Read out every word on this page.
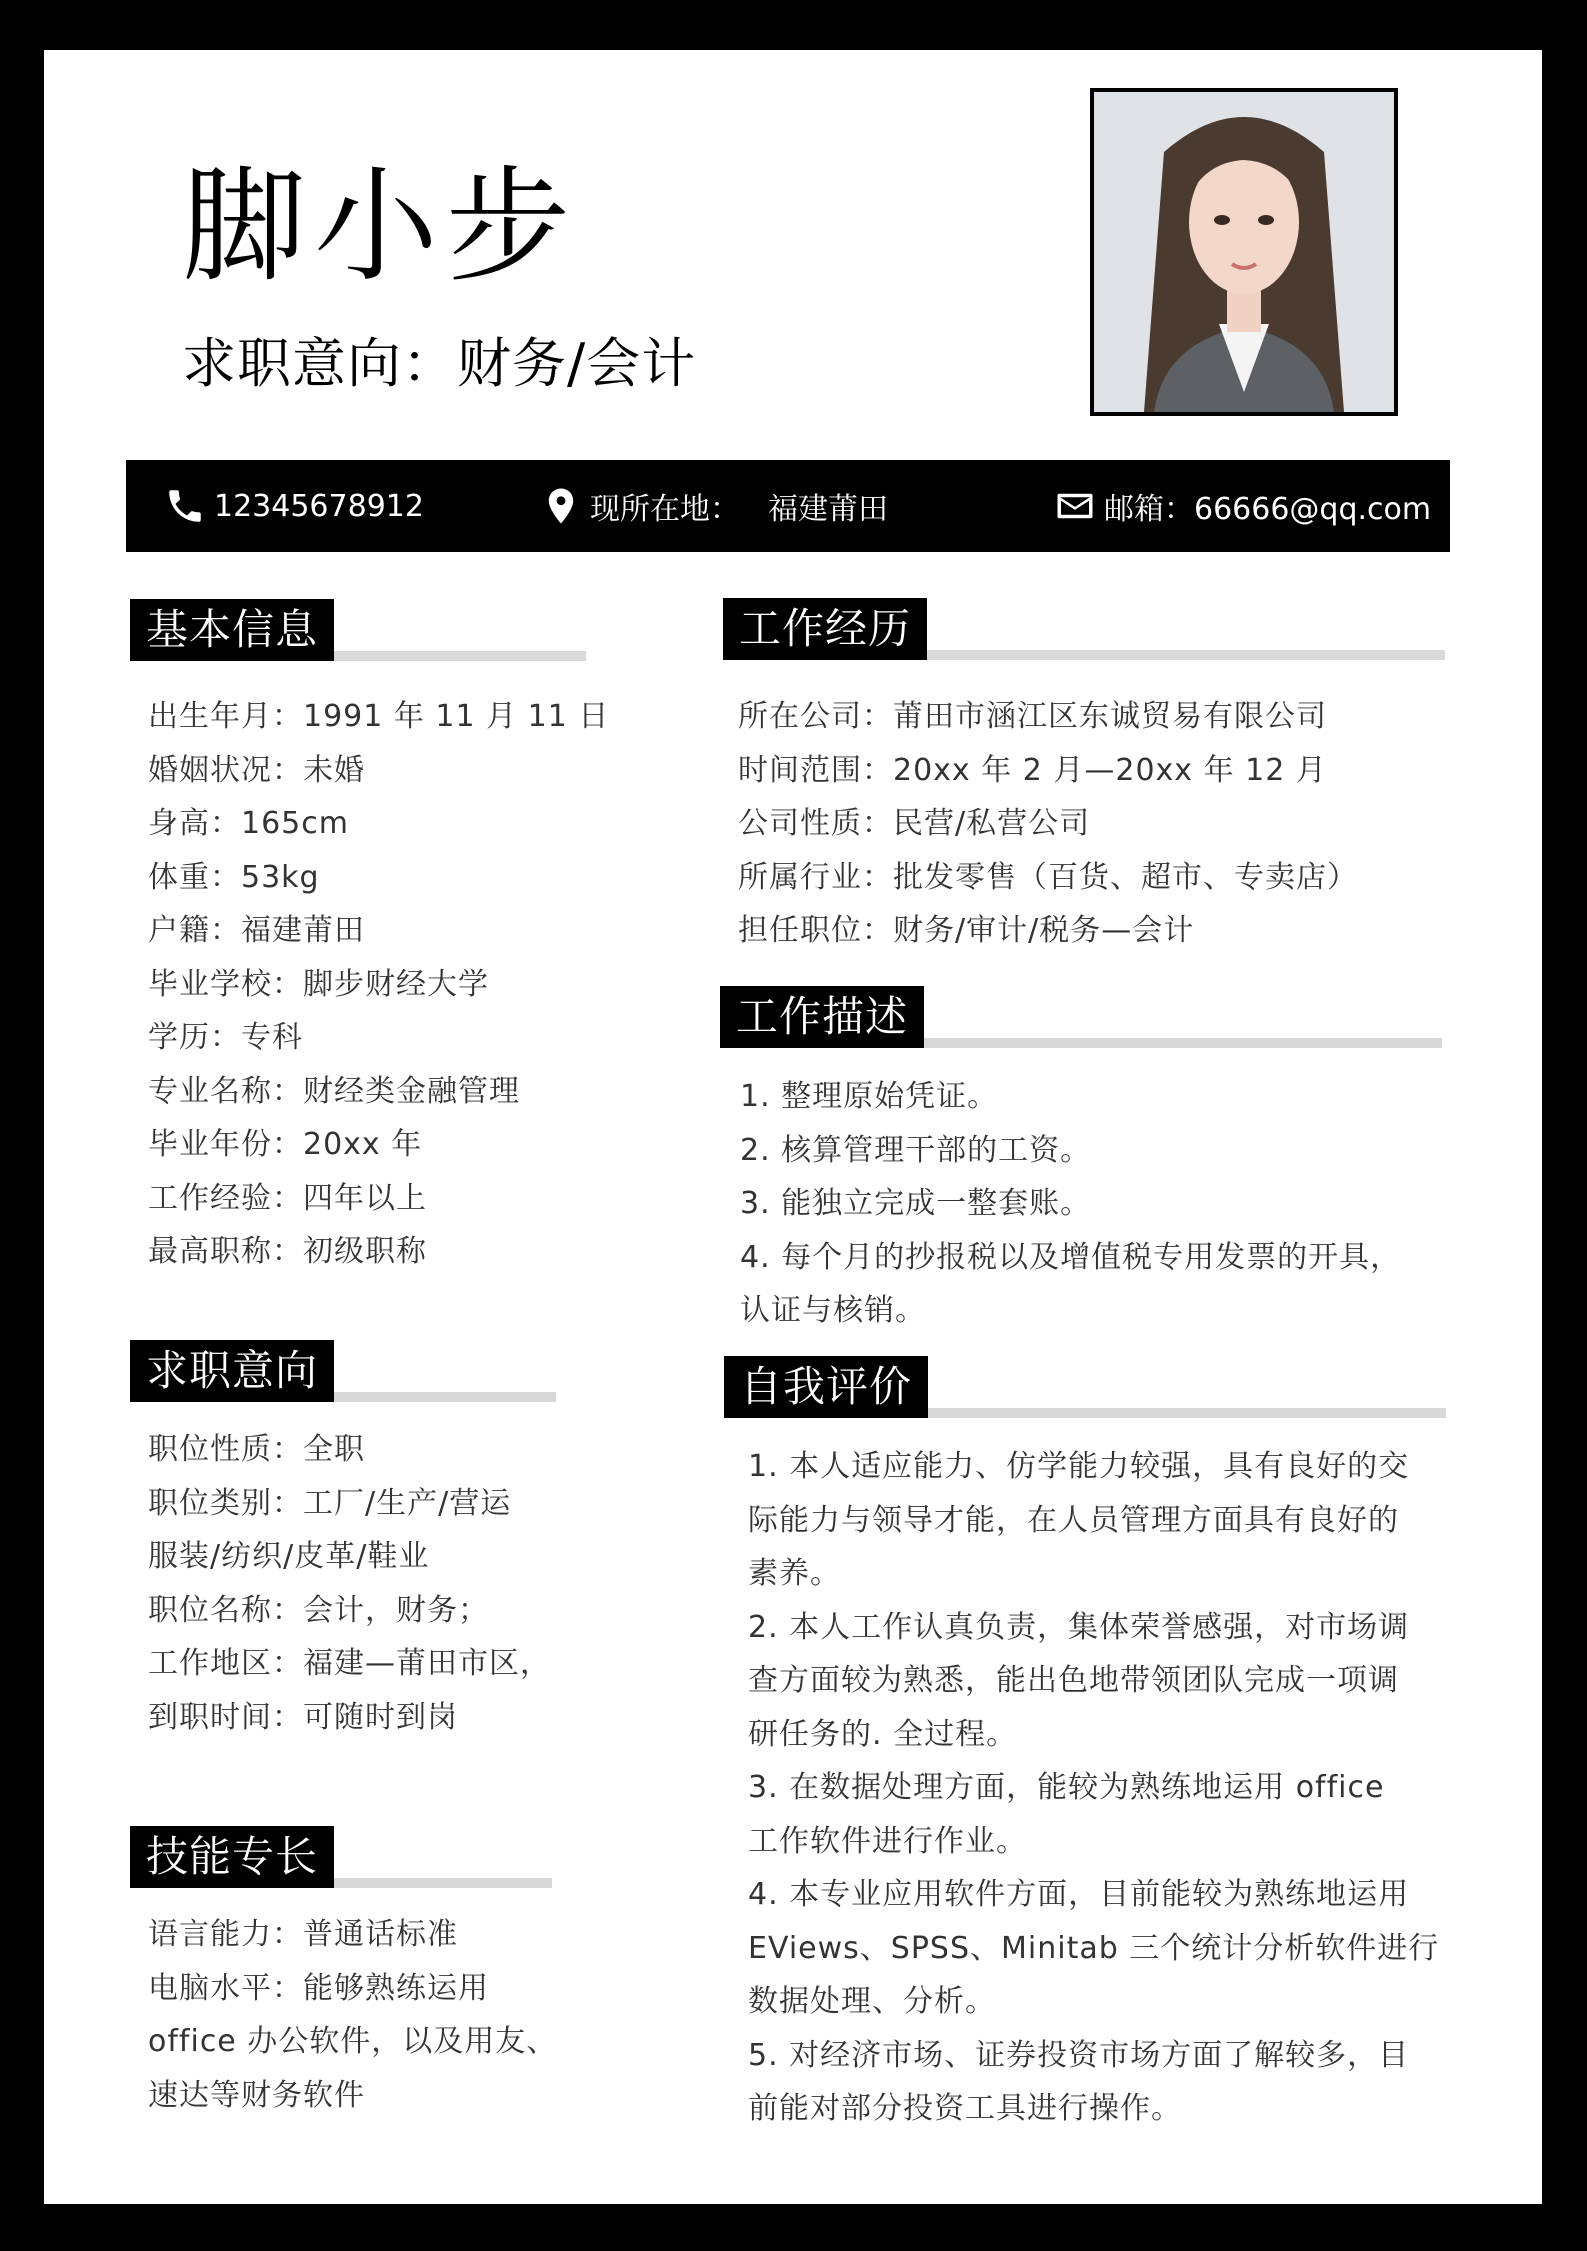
脚小步
求职意向：财务/会计
12345678912	现所在地： 福建莆田	邮箱：66666@qq.com
基本信息
出生年月：1991 年 11 月 11 日
婚姻状况：未婚
身高：165cm
体重：53kg
户籍：福建莆田
毕业学校：脚步财经大学
学历：专科
专业名称：财经类金融管理
毕业年份：20xx 年
工作经验：四年以上
最高职称：初级职称
求职意向
职位性质：全职
职位类别：工厂/生产/营运
服装/纺织/皮革/鞋业
职位名称：会计，财务；
工作地区：福建—莆田市区，
到职时间：可随时到岗
技能专长
语言能力：普通话标准
电脑水平：能够熟练运用
office 办公软件，以及用友、
速达等财务软件
工作经历
所在公司：莆田市涵江区东诚贸易有限公司
时间范围：20xx 年 2 月—20xx 年 12 月
公司性质：民营/私营公司
所属行业：批发零售（百货、超市、专卖店）
担任职位：财务/审计/税务—会计
工作描述
1. 整理原始凭证。
2. 核算管理干部的工资。
3. 能独立完成一整套账。
4. 每个月的抄报税以及增值税专用发票的开具，
认证与核销。
自我评价
1. 本人适应能力、仿学能力较强，具有良好的交
际能力与领导才能，在人员管理方面具有良好的
素养。
2. 本人工作认真负责，集体荣誉感强，对市场调
查方面较为熟悉，能出色地带领团队完成一项调
研任务的. 全过程。
3. 在数据处理方面，能较为熟练地运用 office
工作软件进行作业。
4. 本专业应用软件方面，目前能较为熟练地运用
EViews、SPSS、Minitab 三个统计分析软件进行
数据处理、分析。
5. 对经济市场、证券投资市场方面了解较多，目
前能对部分投资工具进行操作。
